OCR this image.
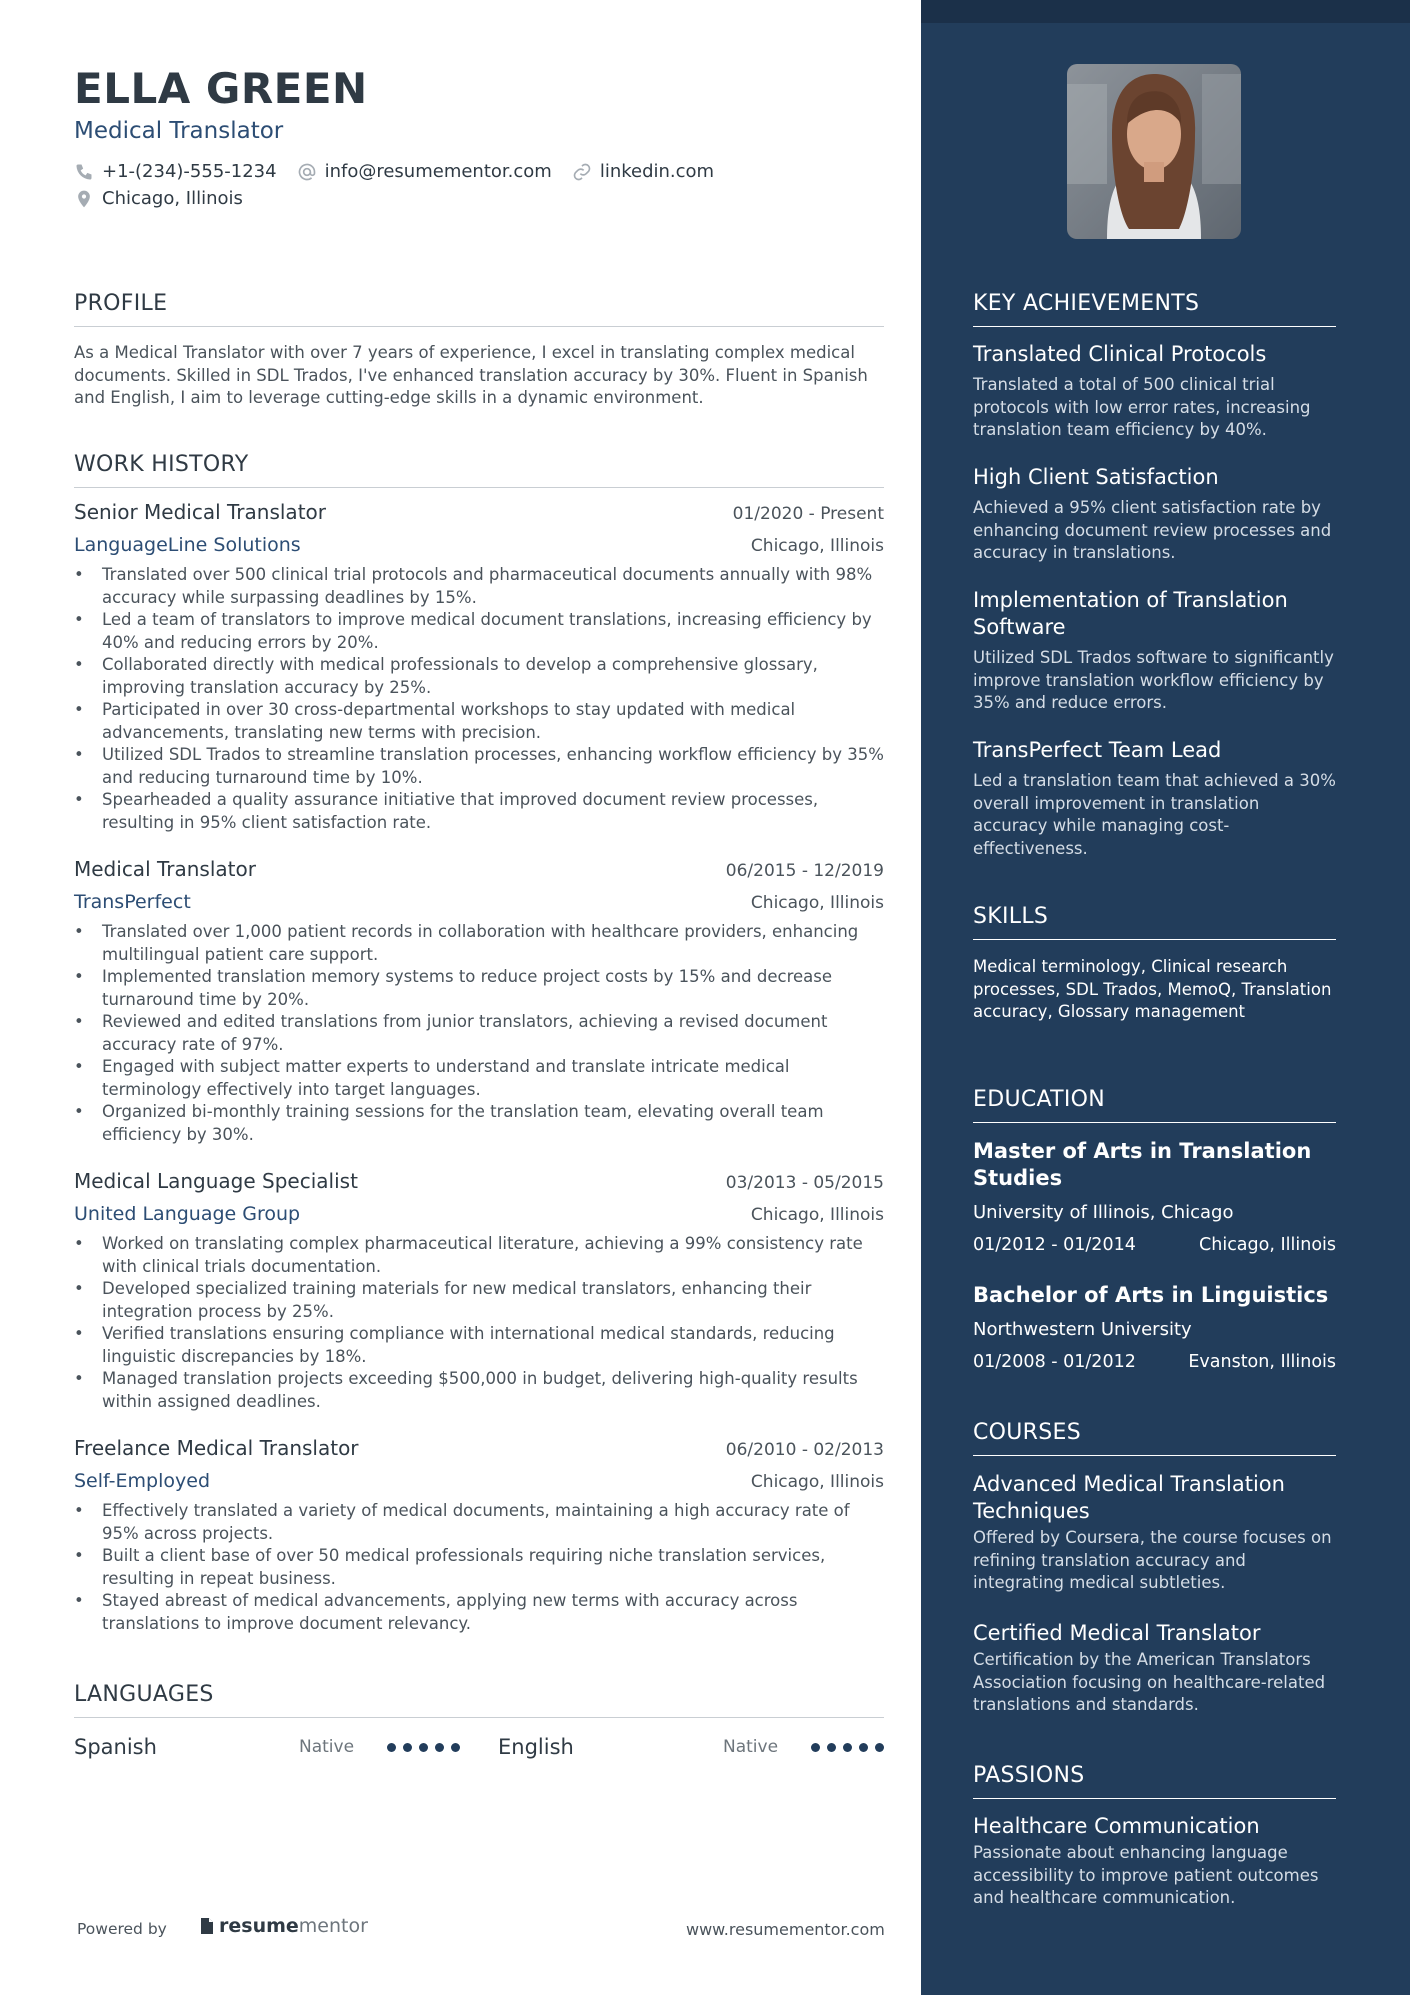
ELLA GREEN
Medical Translator
+1-(234)-555-1234	info@resumementor.com	linkedin.com
Chicago, Illinois
PROFILE
As a Medical Translator with over 7 years of experience, I excel in translating complex medical documents. Skilled in SDL Trados, I've enhanced translation accuracy by 30%. Fluent in Spanish and English, I aim to leverage cutting-edge skills in a dynamic environment.
WORK HISTORY
Senior Medical Translator	01/2020 - Present
LanguageLine Solutions	Chicago, Illinois
• Translated over 500 clinical trial protocols and pharmaceutical documents annually with 98% accuracy while surpassing deadlines by 15%.
• Led a team of translators to improve medical document translations, increasing efficiency by 40% and reducing errors by 20%.
• Collaborated directly with medical professionals to develop a comprehensive glossary, improving translation accuracy by 25%.
• Participated in over 30 cross-departmental workshops to stay updated with medical advancements, translating new terms with precision.
• Utilized SDL Trados to streamline translation processes, enhancing workflow efficiency by 35% and reducing turnaround time by 10%.
• Spearheaded a quality assurance initiative that improved document review processes, resulting in 95% client satisfaction rate.
Medical Translator	06/2015 - 12/2019
TransPerfect	Chicago, Illinois
• Translated over 1,000 patient records in collaboration with healthcare providers, enhancing multilingual patient care support.
• Implemented translation memory systems to reduce project costs by 15% and decrease turnaround time by 20%.
• Reviewed and edited translations from junior translators, achieving a revised document accuracy rate of 97%.
• Engaged with subject matter experts to understand and translate intricate medical terminology effectively into target languages.
• Organized bi-monthly training sessions for the translation team, elevating overall team efficiency by 30%.
Medical Language Specialist	03/2013 - 05/2015
United Language Group	Chicago, Illinois
• Worked on translating complex pharmaceutical literature, achieving a 99% consistency rate with clinical trials documentation.
• Developed specialized training materials for new medical translators, enhancing their integration process by 25%.
• Verified translations ensuring compliance with international medical standards, reducing linguistic discrepancies by 18%.
• Managed translation projects exceeding $500,000 in budget, delivering high-quality results within assigned deadlines.
Freelance Medical Translator	06/2010 - 02/2013
Self-Employed	Chicago, Illinois
• Effectively translated a variety of medical documents, maintaining a high accuracy rate of 95% across projects.
• Built a client base of over 50 medical professionals requiring niche translation services, resulting in repeat business.
• Stayed abreast of medical advancements, applying new terms with accuracy across translations to improve document relevancy.
LANGUAGES
Spanish	Native	English	Native
Powered by	resume mentor	www.resumementor.com
KEY ACHIEVEMENTS
Translated Clinical Protocols
Translated a total of 500 clinical trial protocols with low error rates, increasing translation team efficiency by 40%.
High Client Satisfaction
Achieved a 95% client satisfaction rate by enhancing document review processes and accuracy in translations.
Implementation of Translation Software
Utilized SDL Trados software to significantly improve translation workflow efficiency by 35% and reduce errors.
TransPerfect Team Lead
Led a translation team that achieved a 30% overall improvement in translation accuracy while managing cost-effectiveness.
SKILLS
Medical terminology, Clinical research processes, SDL Trados, MemoQ, Translation accuracy, Glossary management
EDUCATION
Master of Arts in Translation Studies
University of Illinois, Chicago
01/2012 - 01/2014	Chicago, Illinois
Bachelor of Arts in Linguistics
Northwestern University
01/2008 - 01/2012	Evanston, Illinois
COURSES
Advanced Medical Translation Techniques
Offered by Coursera, the course focuses on refining translation accuracy and integrating medical subtleties.
Certified Medical Translator
Certification by the American Translators Association focusing on healthcare-related translations and standards.
PASSIONS
Healthcare Communication
Passionate about enhancing language accessibility to improve patient outcomes and healthcare communication.
